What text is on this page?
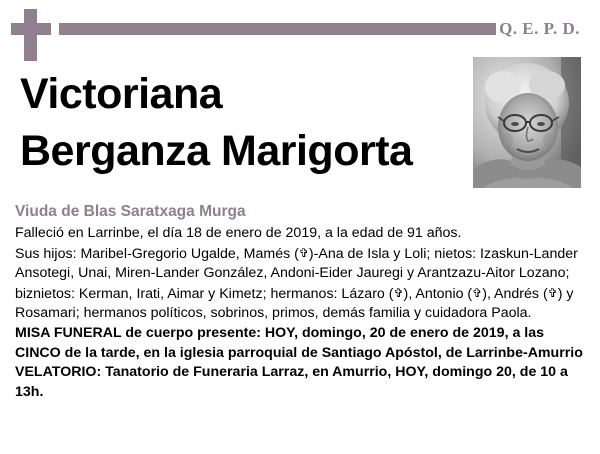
Q. E. P. D.
Victoriana
Berganza Marigorta
Viuda de Blas Saratxaga Murga

Falleció en Larrinbe, el día 18 de enero de 2019, a la edad de 91 años.

Sus hijos: Maribel-Gregorio Ugalde, Mamés (✞)-Ana de Isla y Loli; nietos: Izaskun-Lander Ansotegi, Unai, Miren-Lander González, Andoni-Eider Jauregi y Arantzazu-Aitor Lozano; biznietos: Kerman, Irati, Aimar y Kimetz; hermanos: Lázaro (✞), Antonio (✞), Andrés (✞) y Rosamari; hermanos políticos, sobrinos, primos, demás familia y cuidadora Paola.

MISA FUNERAL de cuerpo presente: HOY, domingo, 20 de enero de 2019, a las CINCO de la tarde, en la iglesia parroquial de Santiago Apóstol, de Larrinbe-Amurrio

VELATORIO: Tanatorio de Funeraria Larraz, en Amurrio, HOY, domingo 20, de 10 a 13h.
